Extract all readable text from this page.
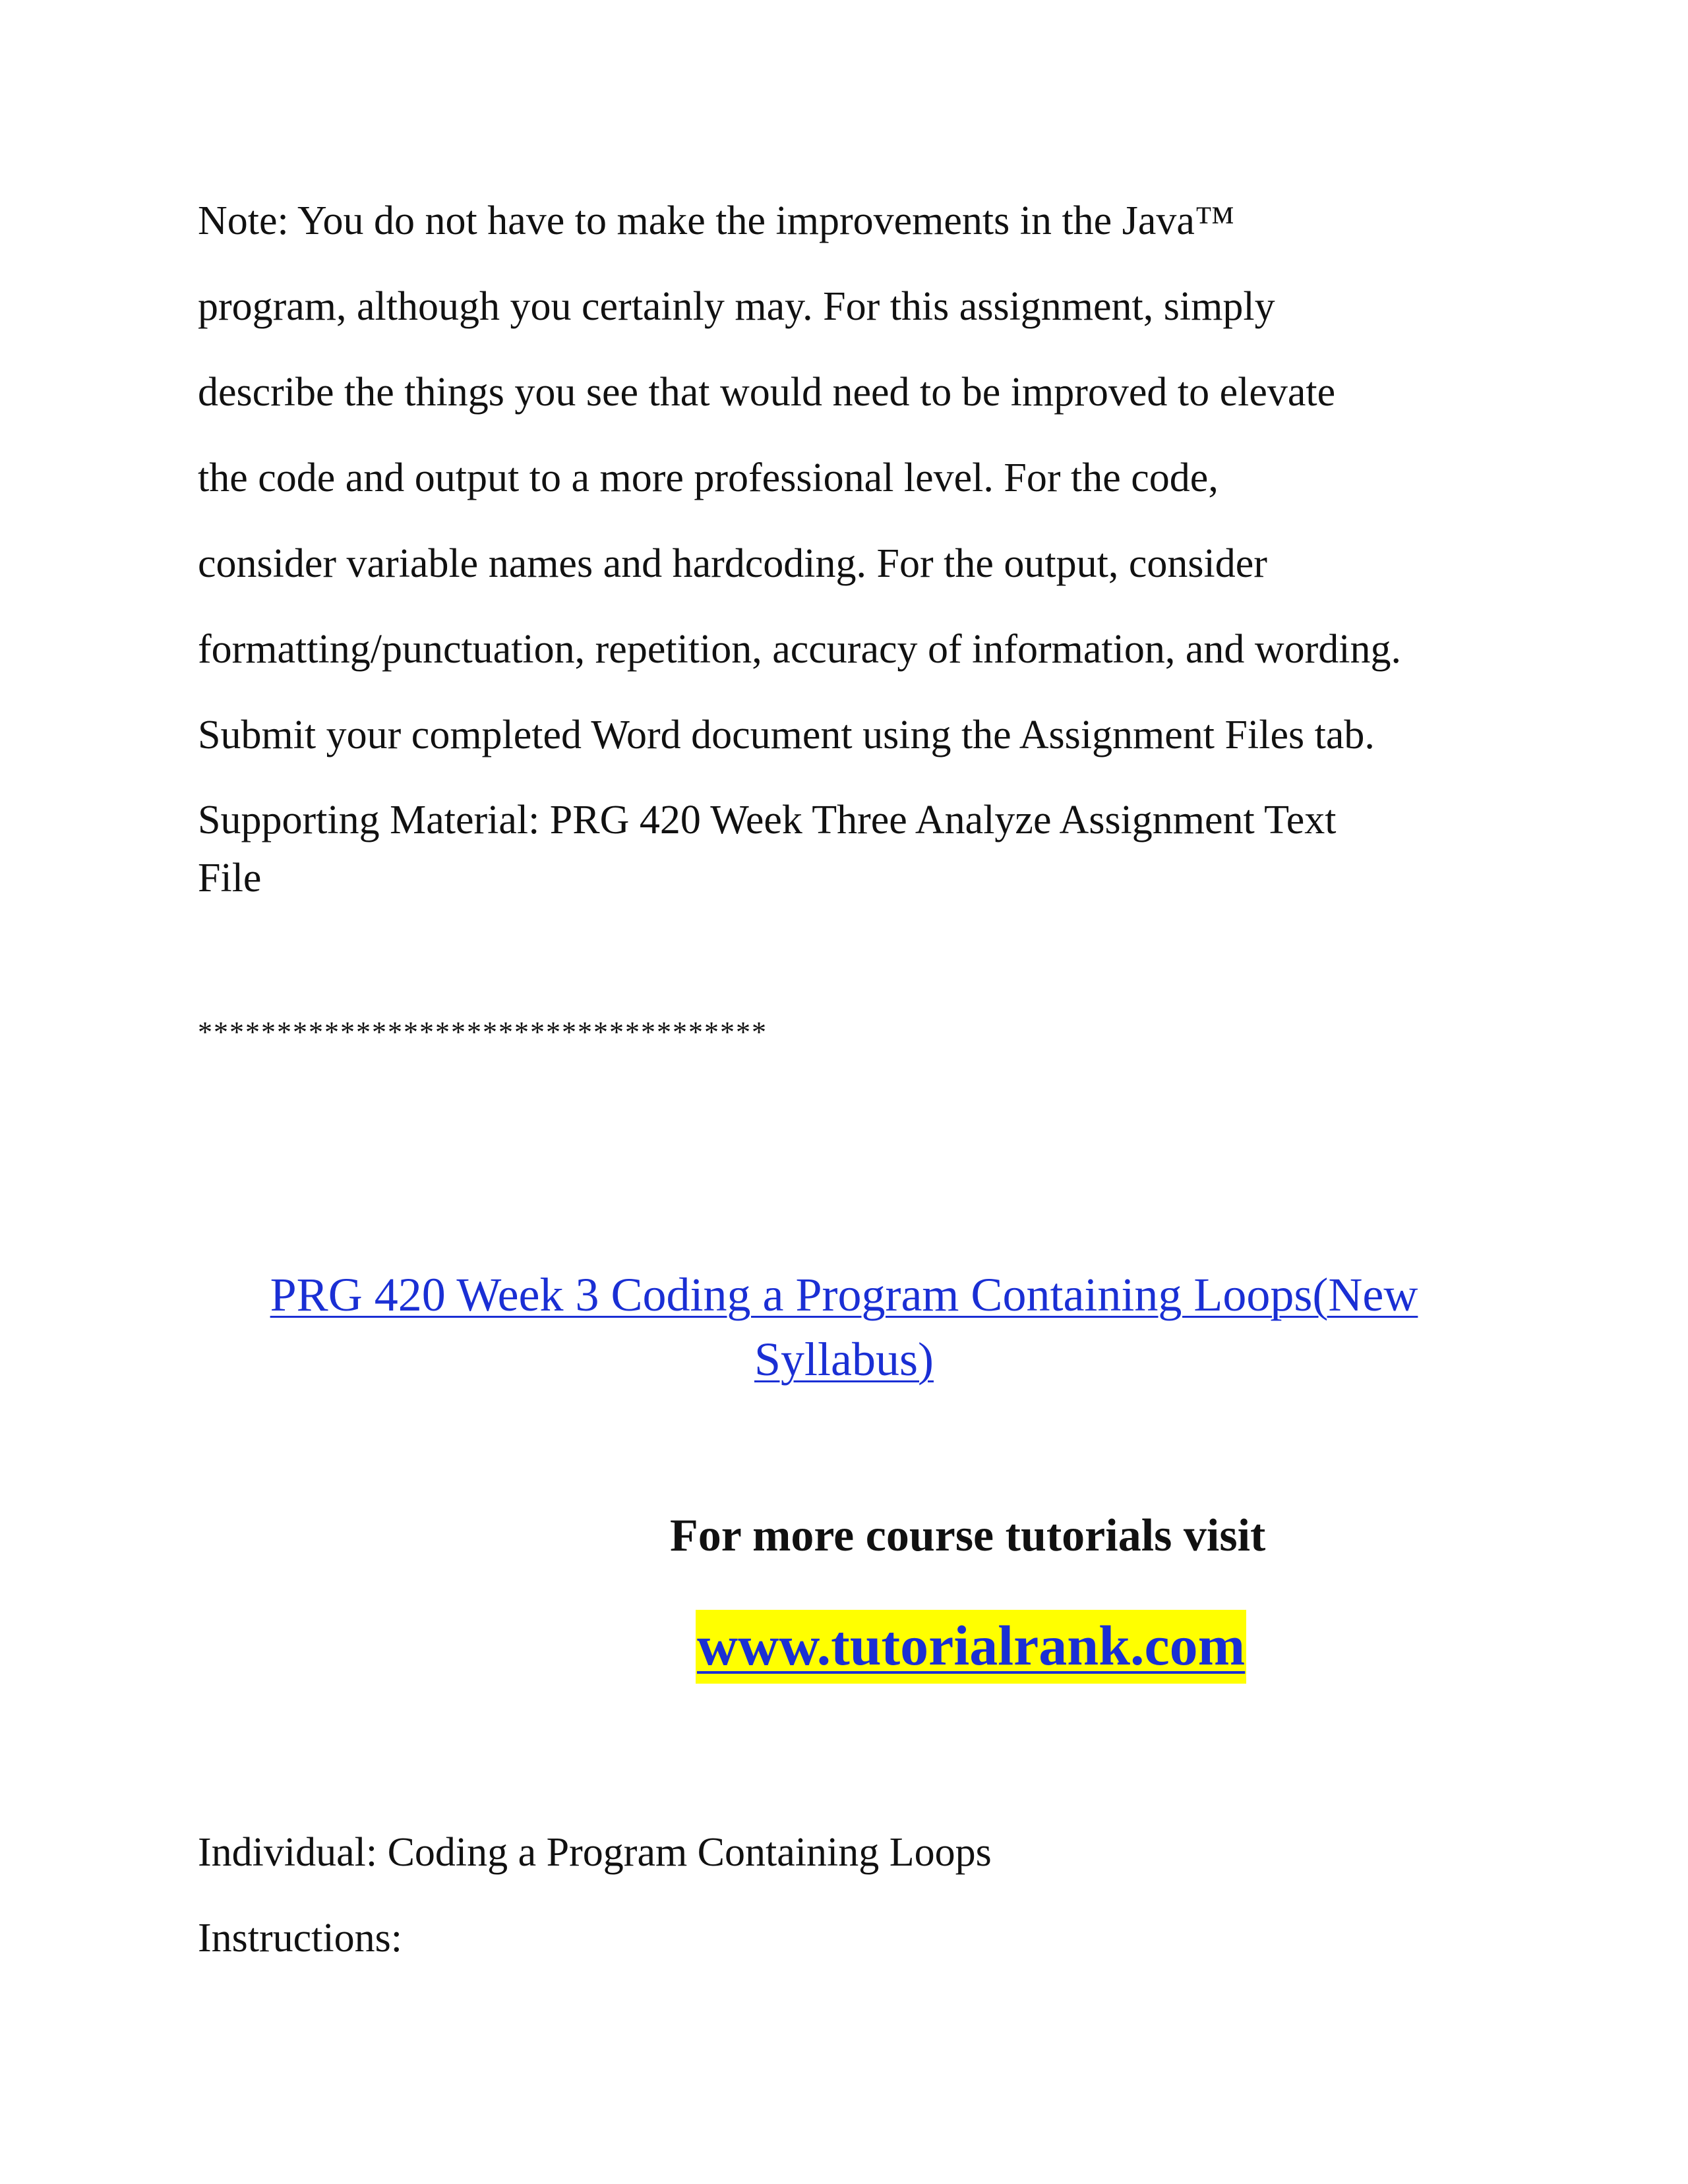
Note: You do not have to make the improvements in the Java™
program, although you certainly may. For this assignment, simply
describe the things you see that would need to be improved to elevate
the code and output to a more professional level. For the code,
consider variable names and hardcoding. For the output, consider
formatting/punctuation, repetition, accuracy of information, and wording.
Submit your completed Word document using the Assignment Files tab.
Supporting Material: PRG 420 Week Three Analyze Assignment Text
File

************************************

PRG 420 Week 3 Coding a Program Containing Loops(New
Syllabus)

For more course tutorials visit

www.tutorialrank.com

Individual: Coding a Program Containing Loops

Instructions:
